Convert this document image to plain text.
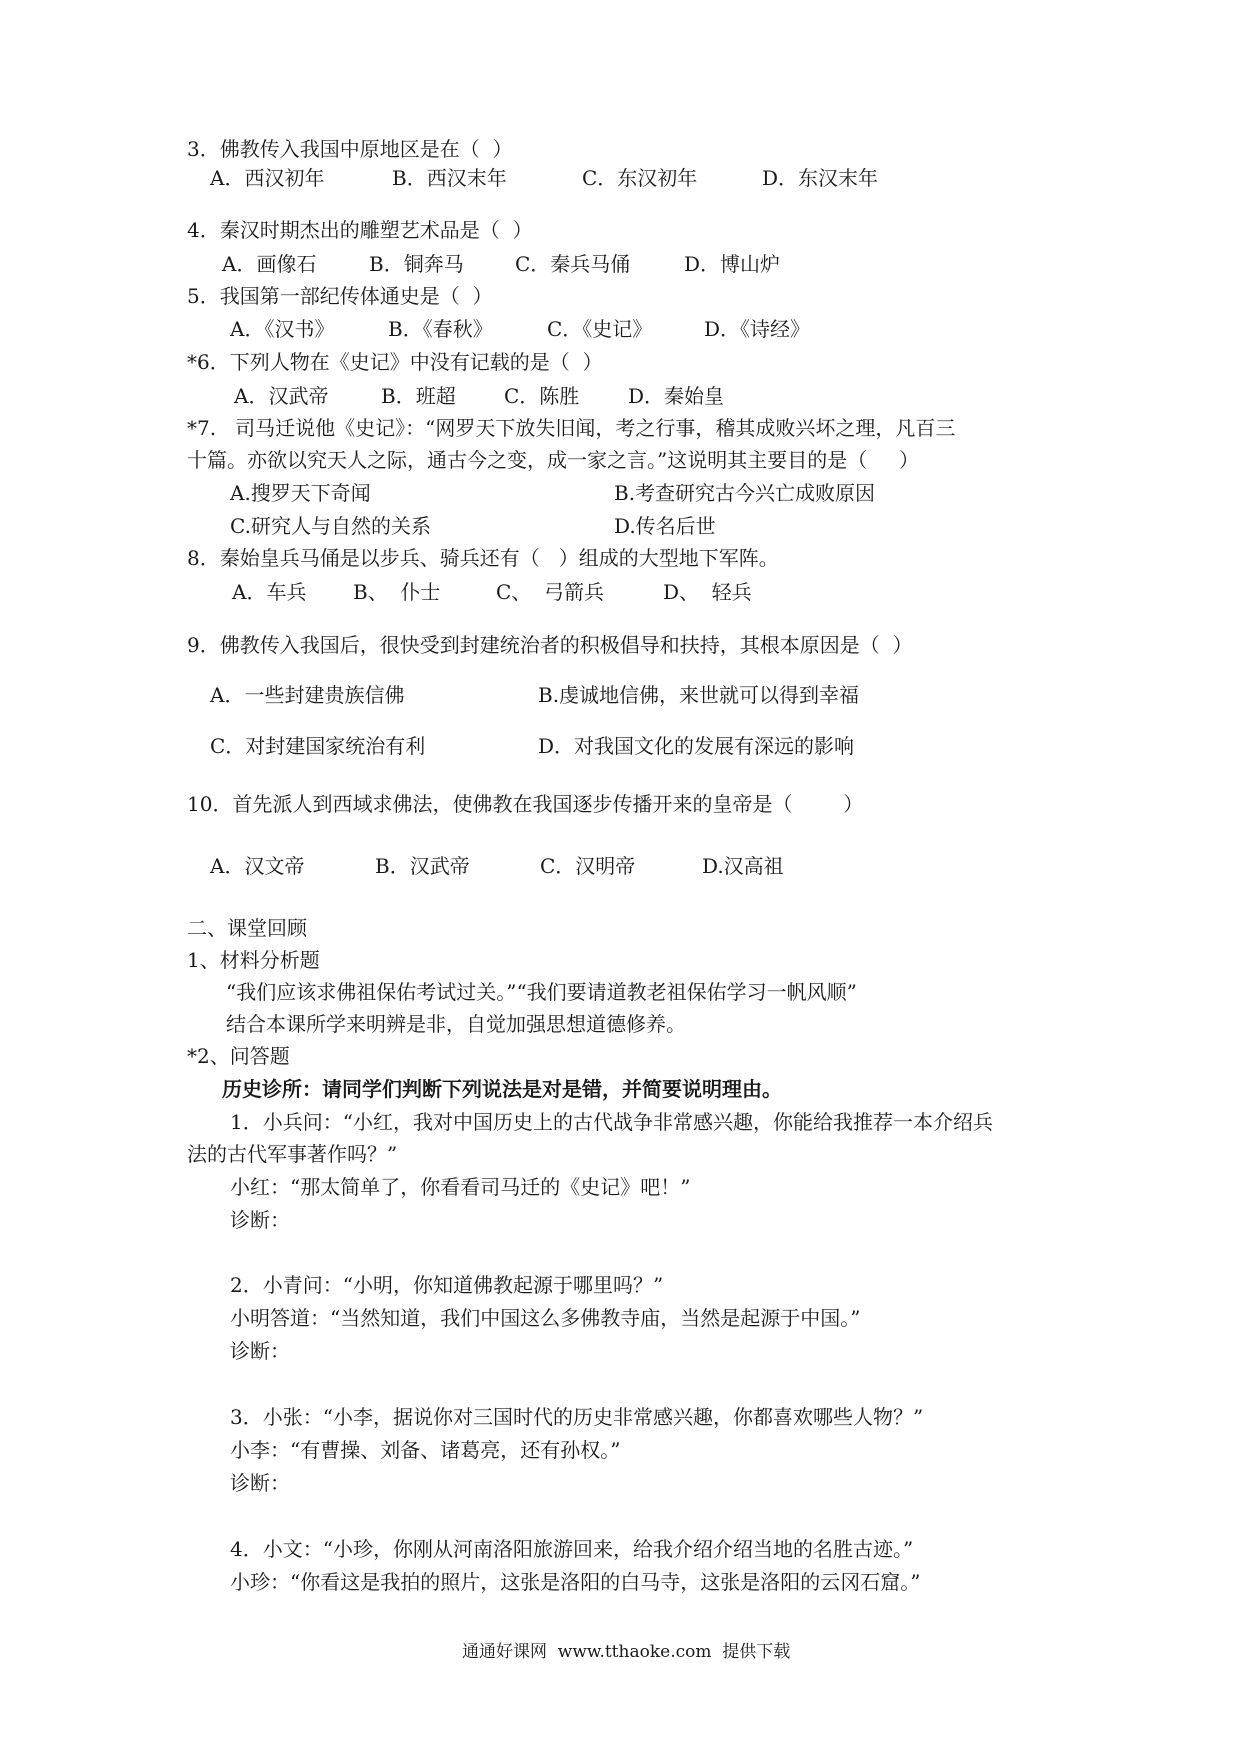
3．佛教传入我国中原地区是在（  ）
A．西汉初年	B．西汉末年	C．东汉初年	D．东汉末年
4．秦汉时期杰出的雕塑艺术品是（  ）
A．画像石	B．铜奔马	C．秦兵马俑	D．博山炉
5．我国第一部纪传体通史是（  ）
A．《汉书》	B．《春秋》	C．《史记》	D．《诗经》
*6．下列人物在《史记》中没有记载的是（  ）
A．汉武帝	B．班超 C．陈胜 D．秦始皇
*7.   司马迁说他《史记》：“网罗天下放失旧闻，考之行事，稽其成败兴坏之理，凡百三
十篇。亦欲以究天人之际，通古今之变，成一家之言。”这说明其主要目的是（     ）
A.搜罗天下奇闻	B.考查研究古今兴亡成败原因
C.研究人与自然的关系	D.传名后世
8．秦始皇兵马俑是以步兵、骑兵还有（   ）组成的大型地下军阵。
A．车兵 B、  仆士	C、  弓箭兵	D、  轻兵
9．佛教传入我国后，很快受到封建统治者的积极倡导和扶持，其根本原因是（  ）
A．一些封建贵族信佛	B.虔诚地信佛，来世就可以得到幸福
C．对封建国家统治有利	D．对我国文化的发展有深远的影响
10．首先派人到西域求佛法，使佛教在我国逐步传播开来的皇帝是（        ）
A．汉文帝	B．汉武帝	C．汉明帝	D.汉高祖
二、课堂回顾
1、材料分析题
“我们应该求佛祖保佑考试过关。”“我们要请道教老祖保佑学习一帆风顺”
结合本课所学来明辨是非，自觉加强思想道德修养。
*2、问答题
历史诊所：请同学们判断下列说法是对是错，并简要说明理由。
1．小兵问：“小红，我对中国历史上的古代战争非常感兴趣，你能给我推荐一本介绍兵
法的古代军事著作吗？”
小红：“那太简单了，你看看司马迁的《史记》吧！”
诊断：
2．小青问：“小明，你知道佛教起源于哪里吗？”
小明答道：“当然知道，我们中国这么多佛教寺庙，当然是起源于中国。”
诊断：
3．小张：“小李，据说你对三国时代的历史非常感兴趣，你都喜欢哪些人物？”
小李：“有曹操、刘备、诸葛亮，还有孙权。”
诊断：
4．小文：“小珍，你刚从河南洛阳旅游回来，给我介绍介绍当地的名胜古迹。”
小珍：“你看这是我拍的照片，这张是洛阳的白马寺，这张是洛阳的云冈石窟。”
通通好课网  www.tthaoke.com  提供下载
